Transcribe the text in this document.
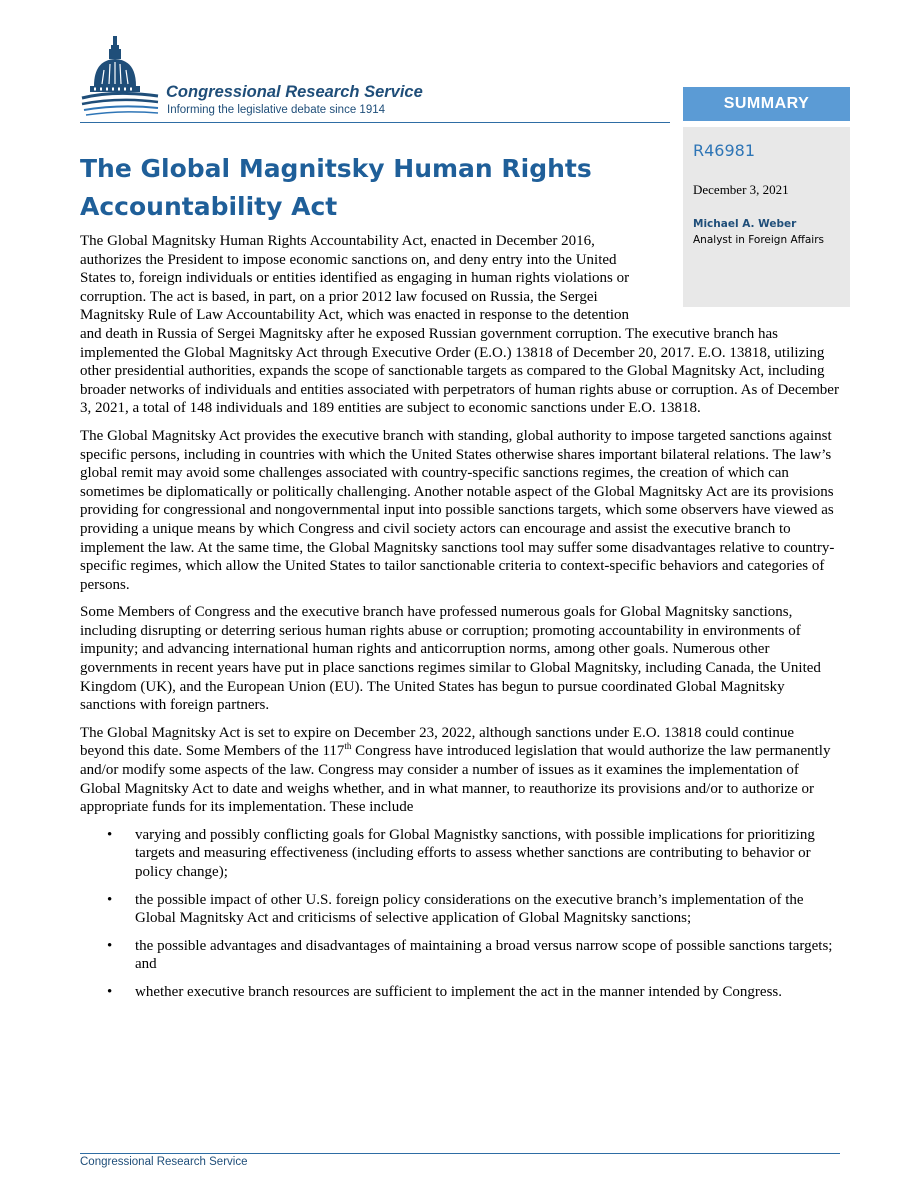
Congressional Research Service
Informing the legislative debate since 1914	SUMMARY
R46981
December 3, 2021
Michael A. Weber
Analyst in Foreign Affairs
The Global Magnitsky Human Rights Accountability Act

The Global Magnitsky Human Rights Accountability Act, enacted in December 2016, authorizes the President to impose economic sanctions on, and deny entry into the United States to, foreign individuals or entities identified as engaging in human rights violations or corruption. The act is based, in part, on a prior 2012 law focused on Russia, the Sergei Magnitsky Rule of Law Accountability Act, which was enacted in response to the detention and death in Russia of Sergei Magnitsky after he exposed Russian government corruption. The executive branch has implemented the Global Magnitsky Act through Executive Order (E.O.) 13818 of December 20, 2017. E.O. 13818, utilizing other presidential authorities, expands the scope of sanctionable targets as compared to the Global Magnitsky Act, including broader networks of individuals and entities associated with perpetrators of human rights abuse or corruption. As of December 3, 2021, a total of 148 individuals and 189 entities are subject to economic sanctions under E.O. 13818.

The Global Magnitsky Act provides the executive branch with standing, global authority to impose targeted sanctions against specific persons, including in countries with which the United States otherwise shares important bilateral relations. The law’s global remit may avoid some challenges associated with country-specific sanctions regimes, the creation of which can sometimes be diplomatically or politically challenging. Another notable aspect of the Global Magnitsky Act are its provisions providing for congressional and nongovernmental input into possible sanctions targets, which some observers have viewed as providing a unique means by which Congress and civil society actors can encourage and assist the executive branch to implement the law. At the same time, the Global Magnitsky sanctions tool may suffer some disadvantages relative to country-specific regimes, which allow the United States to tailor sanctionable criteria to context-specific behaviors and categories of persons.

Some Members of Congress and the executive branch have professed numerous goals for Global Magnitsky sanctions, including disrupting or deterring serious human rights abuse or corruption; promoting accountability in environments of impunity; and advancing international human rights and anticorruption norms, among other goals. Numerous other governments in recent years have put in place sanctions regimes similar to Global Magnitsky, including Canada, the United Kingdom (UK), and the European Union (EU). The United States has begun to pursue coordinated Global Magnitsky sanctions with foreign partners.

The Global Magnitsky Act is set to expire on December 23, 2022, although sanctions under E.O. 13818 could continue beyond this date. Some Members of the 117th Congress have introduced legislation that would authorize the law permanently and/or modify some aspects of the law. Congress may consider a number of issues as it examines the implementation of Global Magnitsky Act to date and weighs whether, and in what manner, to reauthorize its provisions and/or to authorize or appropriate funds for its implementation. These include

• varying and possibly conflicting goals for Global Magnistky sanctions, with possible implications for prioritizing targets and measuring effectiveness (including efforts to assess whether sanctions are contributing to behavior or policy change);
• the possible impact of other U.S. foreign policy considerations on the executive branch’s implementation of the Global Magnitsky Act and criticisms of selective application of Global Magnitsky sanctions;
• the possible advantages and disadvantages of maintaining a broad versus narrow scope of possible sanctions targets; and
• whether executive branch resources are sufficient to implement the act in the manner intended by Congress.
Congressional Research Service
